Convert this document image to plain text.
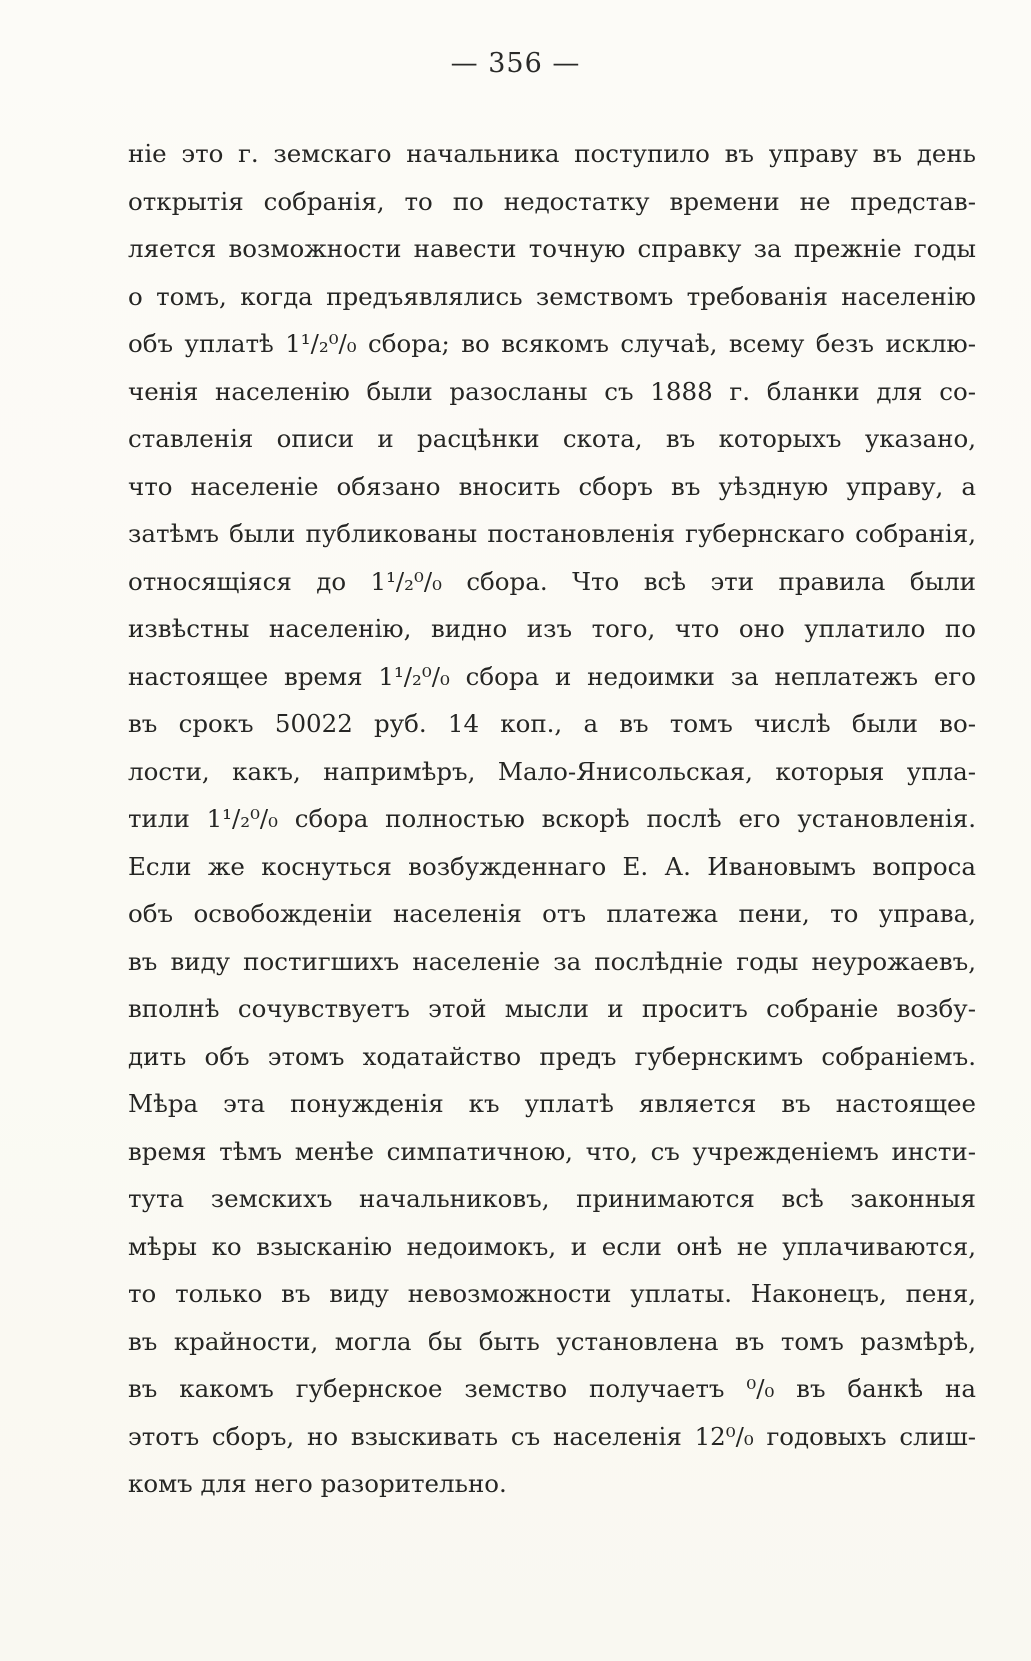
— 356 —
ніе это г. земскаго начальника поступило въ управу въ день
открытія собранія, то по недостатку времени не представ-
ляется возможности навести точную справку за прежніе годы
о томъ, когда предъявлялись земствомъ требованія населенію
объ уплатѣ 1¹/₂⁰/₀ сбора; во всякомъ случаѣ, всему безъ исклю-
ченія населенію были разосланы съ 1888 г. бланки для со-
ставленія описи и расцѣнки скота, въ которыхъ указано,
что населеніе обязано вносить сборъ въ уѣздную управу, а
затѣмъ были публикованы постановленія губернскаго собранія,
относящіяся до 1¹/₂⁰/₀ сбора. Что всѣ эти правила были
извѣстны населенію, видно изъ того, что оно уплатило по
настоящее время 1¹/₂⁰/₀ сбора и недоимки за неплатежъ его
въ срокъ 50022 руб. 14 коп., а въ томъ числѣ были во-
лости, какъ, напримѣръ, Мало-Янисольская, которыя упла-
тили 1¹/₂⁰/₀ сбора полностью вскорѣ послѣ его установленія.
Если же коснуться возбужденнаго Е. А. Ивановымъ вопроса
объ освобожденіи населенія отъ платежа пени, то управа,
въ виду постигшихъ населеніе за послѣдніе годы неурожаевъ,
вполнѣ сочувствуетъ этой мысли и проситъ собраніе возбу-
дить объ этомъ ходатайство предъ губернскимъ собраніемъ.
Мѣра эта понужденія къ уплатѣ является въ настоящее
время тѣмъ менѣе симпатичною, что, съ учрежденіемъ инсти-
тута земскихъ начальниковъ, принимаются всѣ законныя
мѣры ко взысканію недоимокъ, и если онѣ не уплачиваются,
то только въ виду невозможности уплаты. Наконецъ, пеня,
въ крайности, могла бы быть установлена въ томъ размѣрѣ,
въ какомъ губернское земство получаетъ ⁰/₀ въ банкѣ на
этотъ сборъ, но взыскивать съ населенія 12⁰/₀ годовыхъ слиш-
комъ для него разорительно.
